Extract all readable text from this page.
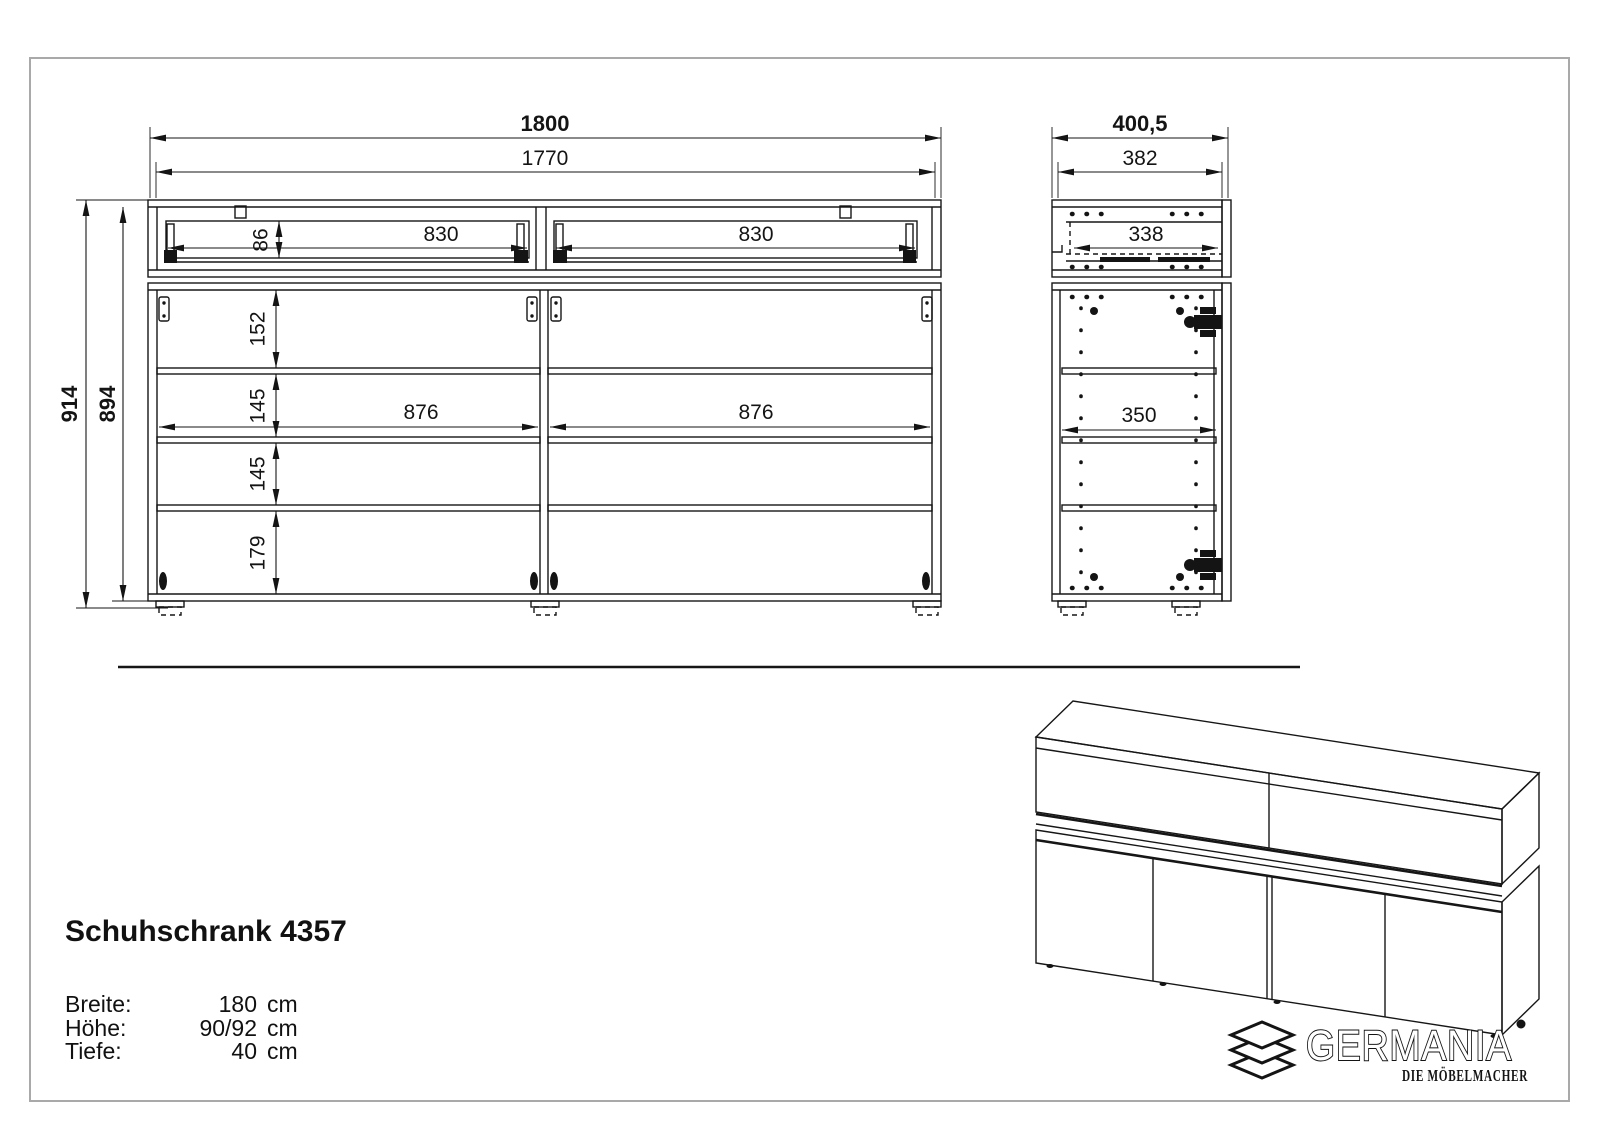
1800
1770
914 894
86	830	830
152
145
145
179
876	876
400,5
382
338
350
GERMANIA
DIE MÖBELMACHER
Schuhschrank 4357
Breite:	180 cm
Höhe:	90/92 cm
Tiefe:	40 cm
